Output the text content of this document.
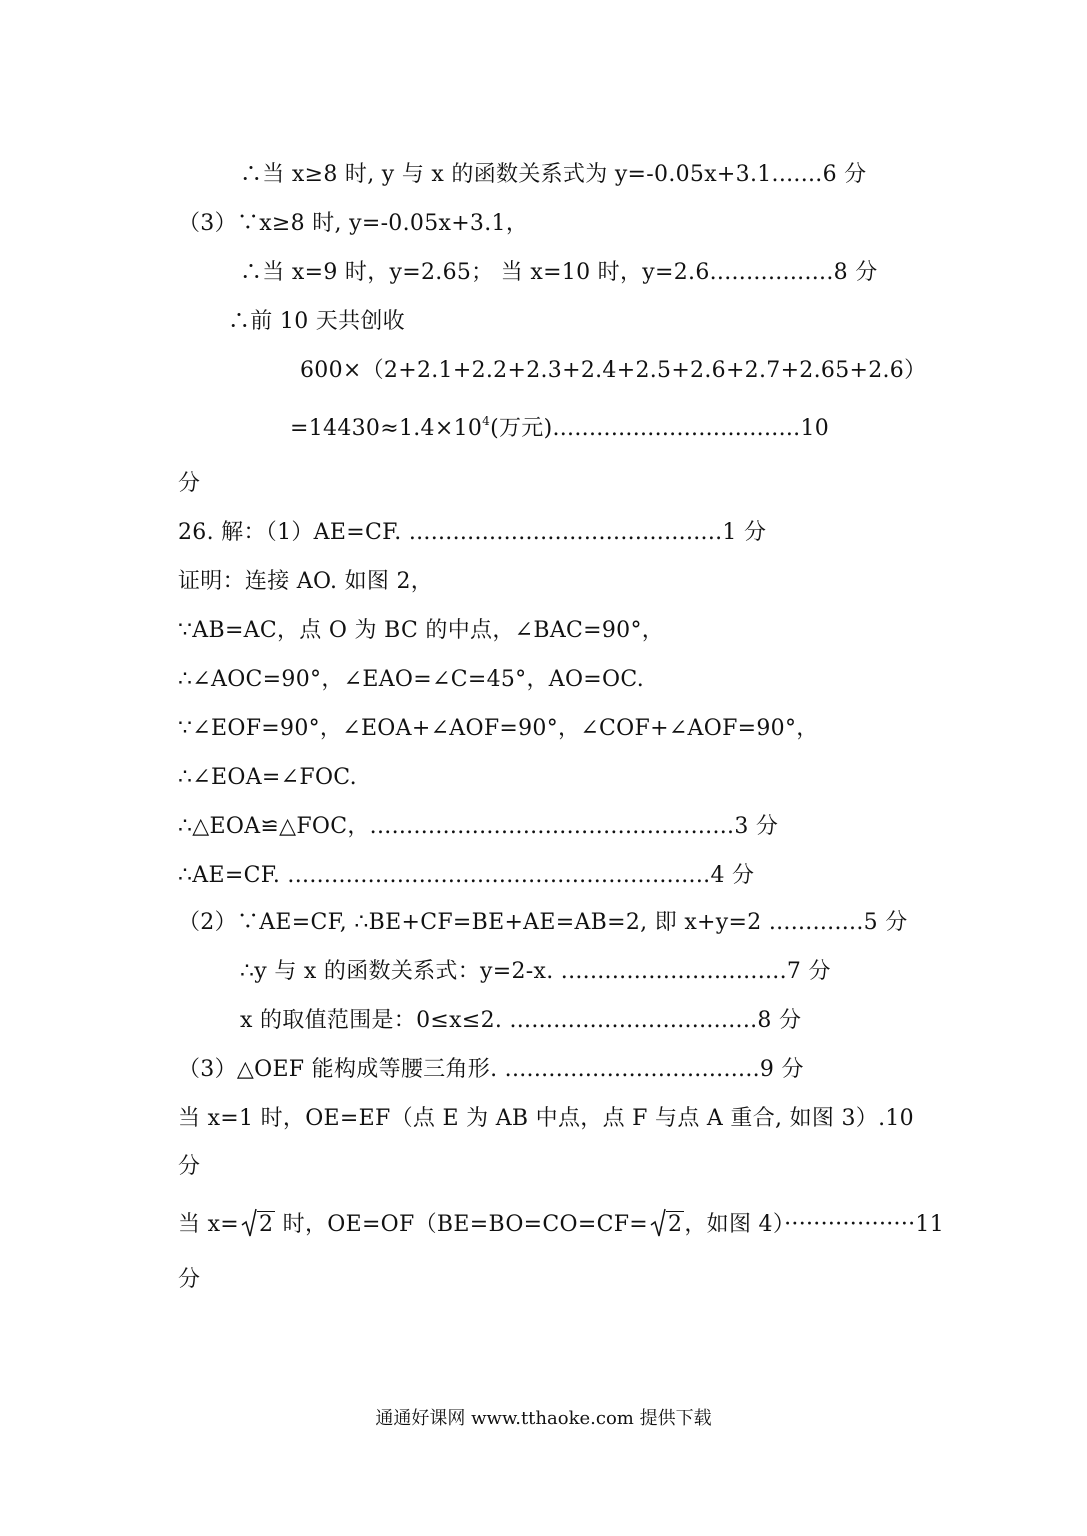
∴当 x≥8 时, y 与 x 的函数关系式为 y=-0.05x+3.1.......6 分
（3）∵x≥8 时, y=-0.05x+3.1，
∴当 x=9 时，y=2.65； 当 x=10 时，y=2.6.................8 分
∴前 10 天共创收
600×（2+2.1+2.2+2.3+2.4+2.5+2.6+2.7+2.65+2.6）
$=14430\approx 1.4\times 10^4$(万元)..................................10
分
26. 解：（1）AE=CF. ...........................................1 分
证明：连接 AO. 如图 2，
∵AB=AC，点 O 为 BC 的中点，∠BAC=90°，
∴∠AOC=90°，∠EAO=∠C=45°，AO=OC.
∵∠EOF=90°，∠EOA+∠AOF=90°，∠COF+∠AOF=90°，
∴∠EOA=∠FOC.
∴△EOA≌△FOC，..................................................3 分
∴AE=CF. ..........................................................4 分
（2）∵AE=CF, ∴BE+CF=BE+AE=AB=2, 即 x+y=2 .............5 分
∴y 与 x 的函数关系式：y=2-x. ...............................7 分
x 的取值范围是：0≤x≤2. ..................................8 分
（3）△OEF 能构成等腰三角形. ...................................9 分
当 x=1 时，OE=EF（点 E 为 AB 中点，点 F 与点 A 重合, 如图 3）.10
分
当 x= 2 时，OE=OF（BE=BO=CO=CF= 2，如图 4）··················11
分
通通好课网 www.tthaoke.com 提供下载
